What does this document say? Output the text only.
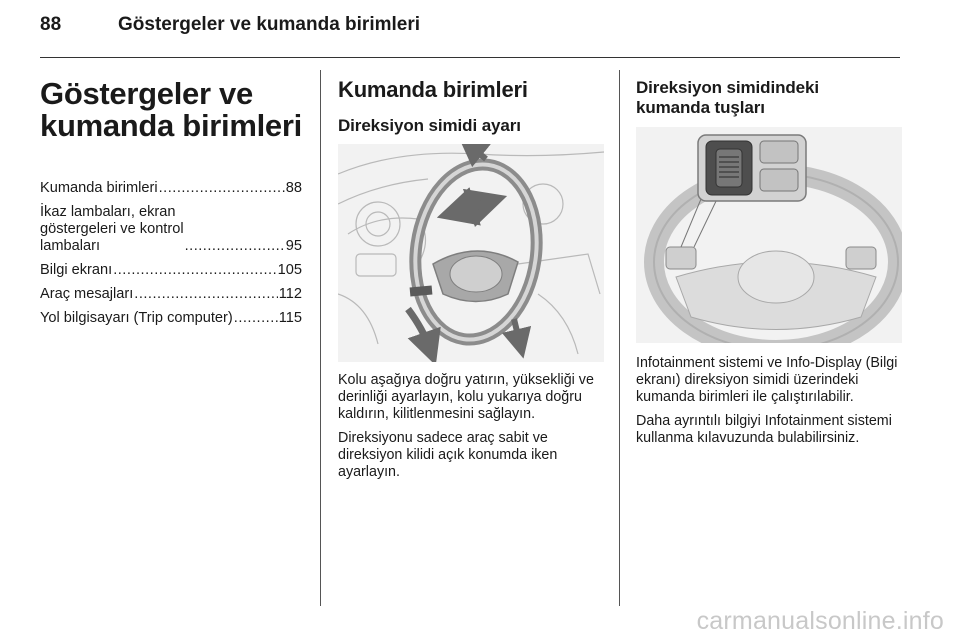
88	Göstergeler ve kumanda birimleri
Göstergeler ve
kumanda birimleri
Kumanda birimleri .....	88
İkaz lambaları, ekran
göstergeleri ve kontrol
lambaları .....	95
Bilgi ekranı .....	105
Araç mesajları .....	112
Yol bilgisayarı (Trip computer) .....	115
Kumanda birimleri
Direksiyon simidi ayarı

Kolu aşağıya doğru yatırın, yüksekliği ve derinliği ayarlayın, kolu yukarıya doğru kaldırın, kilitlenmesini sağlayın.

Direksiyonu sadece araç sabit ve direksiyon kilidi açık konumda iken ayarlayın.

Direksiyon simidindeki
kumanda tuşları

Infotainment sistemi ve Info-Display (Bilgi ekranı) direksiyon simidi üzerindeki kumanda birimleri ile çalıştırılabilir.

Daha ayrıntılı bilgiyi Infotainment sistemi kullanma kılavuzunda bulabilirsiniz.

carmanualsonline.info
